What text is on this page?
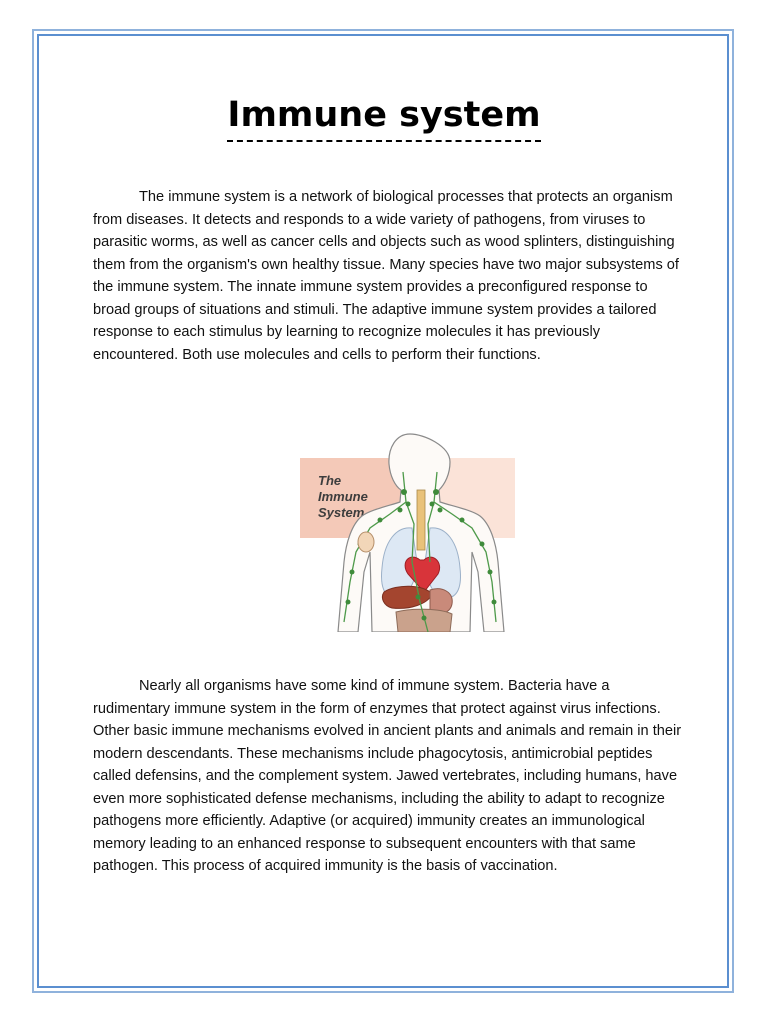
Immune system

The immune system is a network of biological processes that protects an organism from diseases. It detects and responds to a wide variety of pathogens, from viruses to parasitic worms, as well as cancer cells and objects such as wood splinters, distinguishing them from the organism's own healthy tissue. Many species have two major subsystems of the immune system. The innate immune system provides a preconfigured response to broad groups of situations and stimuli. The adaptive immune system provides a tailored response to each stimulus by learning to recognize molecules it has previously encountered. Both use molecules and cells to perform their functions.

The
Immune
System

Nearly all organisms have some kind of immune system. Bacteria have a rudimentary immune system in the form of enzymes that protect against virus infections. Other basic immune mechanisms evolved in ancient plants and animals and remain in their modern descendants. These mechanisms include phagocytosis, antimicrobial peptides called defensins, and the complement system. Jawed vertebrates, including humans, have even more sophisticated defense mechanisms, including the ability to adapt to recognize pathogens more efficiently. Adaptive (or acquired) immunity creates an immunological memory leading to an enhanced response to subsequent encounters with that same pathogen. This process of acquired immunity is the basis of vaccination.
